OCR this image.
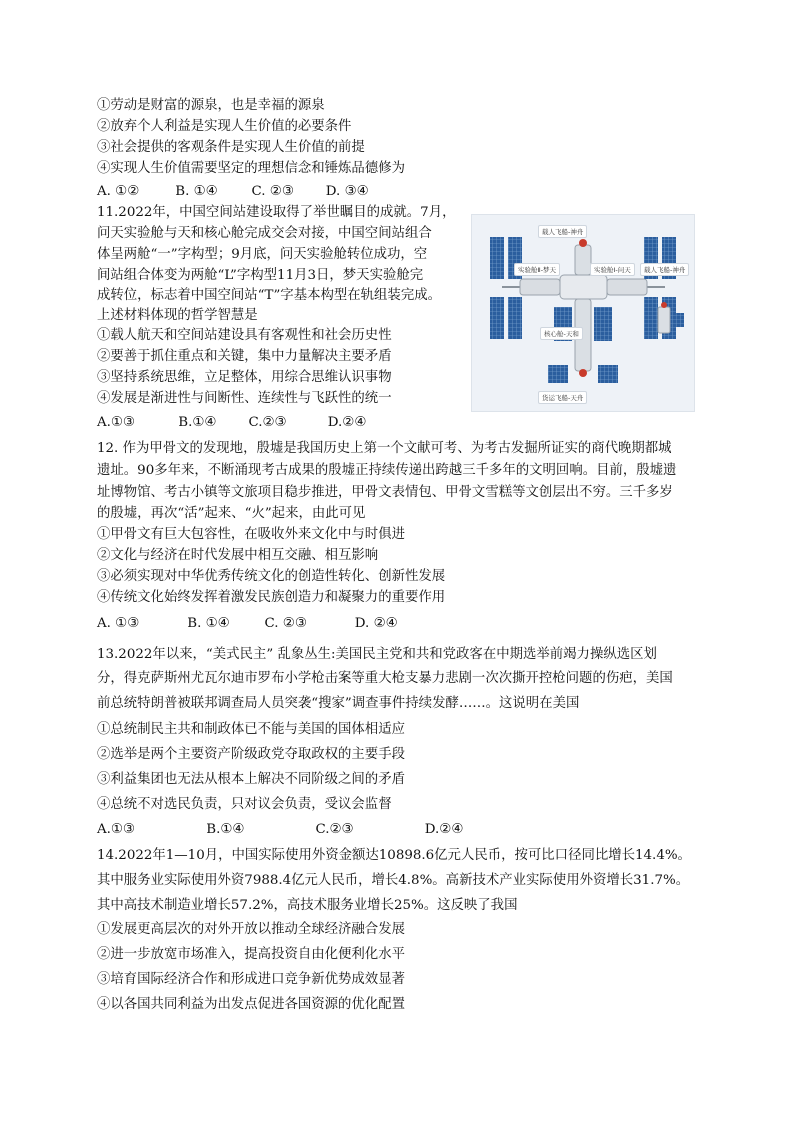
①劳动是财富的源泉，也是幸福的源泉
②放弃个人利益是实现人生价值的必要条件
③社会提供的客观条件是实现人生价值的前提
④实现人生价值需要坚定的理想信念和锤炼品德修为
A. ①②	B. ①④	C. ②③ D. ③④
11.2022年，中国空间站建设取得了举世瞩目的成就。7月，
问天实验舱与天和核心舱完成交会对接，中国空间站组合
体呈两舱“一”字构型；9月底，问天实验舱转位成功，空
间站组合体变为两舱“L”字构型11月3日，梦天实验舱完
成转位，标志着中国空间站“T”字基本构型在轨组装完成。
上述材料体现的哲学智慧是
①载人航天和空间站建设具有客观性和社会历史性
②要善于抓住重点和关键，集中力量解决主要矛盾
③坚持系统思维，立足整体，用综合思维认识事物
④发展是渐进性与间断性、连续性与飞跃性的统一
A.①③	B.①④ C.②③	D.②④
载人飞船-神舟
实验舱Ⅱ-梦天	实验舱Ⅰ-问天	载人飞船-神舟
核心舱-天和
货运飞船-天舟
12. 作为甲骨文的发现地，殷墟是我国历史上第一个文献可考、为考古发掘所证实的商代晚期都城
遗址。90多年来，不断涌现考古成果的殷墟正持续传递出跨越三千多年的文明回响。目前，殷墟遗
址博物馆、考古小镇等文旅项目稳步推进，甲骨文表情包、甲骨文雪糕等文创层出不穷。三千多岁
的殷墟，再次“活”起来、“火”起来，由此可见
①甲骨文有巨大包容性，在吸收外来文化中与时俱进
②文化与经济在时代发展中相互交融、相互影响
③必须实现对中华优秀传统文化的创造性转化、创新性发展
④传统文化始终发挥着激发民族创造力和凝聚力的重要作用
A. ①③	B. ①④	C. ②③	D. ②④
13.2022年以来，“美式民主” 乱象丛生:美国民主党和共和党政客在中期选举前竭力操纵选区划
分，得克萨斯州尤瓦尔迪市罗布小学枪击案等重大枪支暴力悲剧一次次撕开控枪问题的伤疤，美国
前总统特朗普被联邦调查局人员突袭“搜家”调查事件持续发酵……。这说明在美国
①总统制民主共和制政体已不能与美国的国体相适应
②选举是两个主要资产阶级政党夺取政权的主要手段
③利益集团也无法从根本上解决不同阶级之间的矛盾
④总统不对选民负责，只对议会负责，受议会监督
A.①③	B.①④	C.②③	D.②④
14.2022年1—10月，中国实际使用外资金额达10898.6亿元人民币，按可比口径同比增长14.4%。
其中服务业实际使用外资7988.4亿元人民币，增长4.8%。高新技术产业实际使用外资增长31.7%。
其中高技术制造业增长57.2%，高技术服务业增长25%。这反映了我国
①发展更高层次的对外开放以推动全球经济融合发展
②进一步放宽市场准入，提高投资自由化便利化水平
③培育国际经济合作和形成进口竞争新优势成效显著
④以各国共同利益为出发点促进各国资源的优化配置
